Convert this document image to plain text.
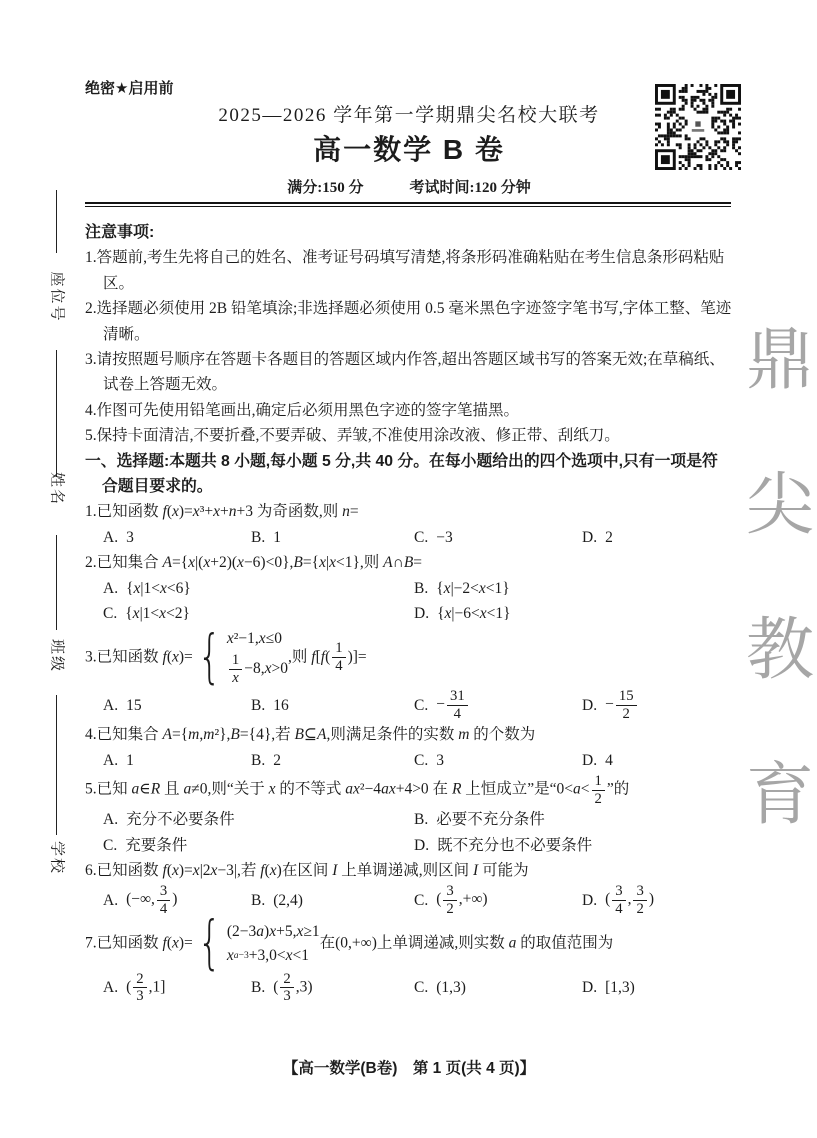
座位号
姓名
班级
学校
鼎
尖
教
育
绝密★启用前
2025—2026 学年第一学期鼎尖名校大联考
高一数学 B 卷
满分:150 分	考试时间:120 分钟

注意事项:

1.答题前,考生先将自己的姓名、准考证号码填写清楚,将条形码准确粘贴在考生信息条形码粘贴区。

2.选择题必须使用 2B 铅笔填涂;非选择题必须使用 0.5 毫米黑色字迹签字笔书写,字体工整、笔迹清晰。

3.请按照题号顺序在答题卡各题目的答题区域内作答,超出答题区域书写的答案无效;在草稿纸、试卷上答题无效。

4.作图可先使用铅笔画出,确定后必须用黑色字迹的签字笔描黑。

5.保持卡面清洁,不要折叠,不要弄破、弄皱,不准使用涂改液、修正带、刮纸刀。

一、选择题:本题共 8 小题,每小题 5 分,共 40 分。在每小题给出的四个选项中,只有一项是符合题目要求的。

1.已知函数 f(x)=x³+x+n+3 为奇函数,则 n=

A. 3	B. 1	C. −3	D. 2

2.已知集合 A={x|(x+2)(x−6)<0},B={x|x<1},则 A∩B=

A. {x|1<x<6}	B. {x|−2<x<1}
C. {x|1<x<2}	D. {x|−6<x<1}

3.已知函数 f(x)= { x ²−1, x ≤0
$\frac{1}{x} -8$, x >0
,则 $f[f( \frac{1}{4}$ )]=

A. 15	B. 16	C. − $\frac{31}{4}$	D. − $\frac{15}{2}$

4.已知集合 A={m,m²},B={4},若 B⊆A,则满足条件的实数 m 的个数为

A. 1	B. 2	C. 3	D. 4

5.已知 a∈R 且 a≠0,则“关于 x 的不等式 ax²−4ax+4>0 在 R 上恒成立”是“$0<a< \frac{1}{2}$ ”的

A. 充分不必要条件	B. 必要不充分条件
C. 充要条件	D. 既不充分也不必要条件

6.已知函数 f(x)=x|2x−3|,若 f(x)在区间 I 上单调递减,则区间 I 可能为

A. (−∞, $\frac{3}{4}$ )	B. (2,4)	C. ( $\frac{3}{2}$ ,+∞)	D. ( $\frac{3}{4}$ , $\frac{3}{2}$ )

7.已知函数 f(x)= { (2−3 a ) x +5, x ≥1
x a−3 +3,0< x <1
在(0,+∞)上单调递减,则实数 a 的取值范围为

A. ( $\frac{2}{3} ,1$]	B. ( $\frac{2}{3} ,3$)	C. (1,3)	D. [1,3)
【高一数学(B卷)　第 1 页(共 4 页)】
